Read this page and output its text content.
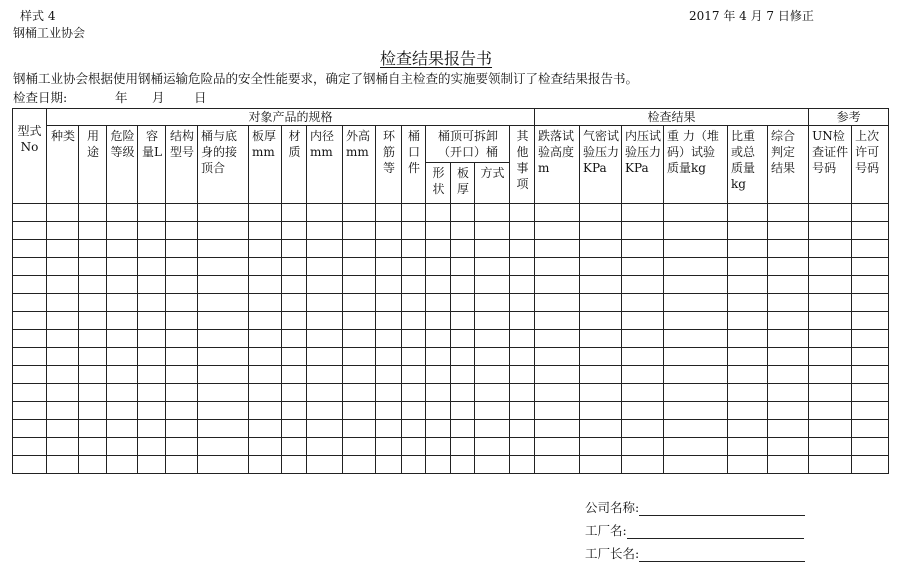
样式 4
钢桶工业协会
2017 年 4 月 7 日修正
检查结果报告书
钢桶工业协会根据使用钢桶运输危险品的安全性能要求，确定了钢桶自主检查的实施要领制订了检查结果报告书。
检查日期:	年 月 日
型式No	对象产品的规格																检查结果						参考	
	种类	用途	危险等级	容量L	结构型号	桶与底身的接顶合	板厚mm	材质	内径mm	外高mm	环筋等	桶口件	桶顶可拆卸（开口）桶			其他事项	跌落试验高度m	气密试验压力KPa	内压试验压力KPa	重 力（堆码）试验质量kg	比重或总质量kg	综合判定结果	UN检查证件号码	上次许可号码
													形状	板厚	方式									

公司名称:
工厂名:
工厂长名:
